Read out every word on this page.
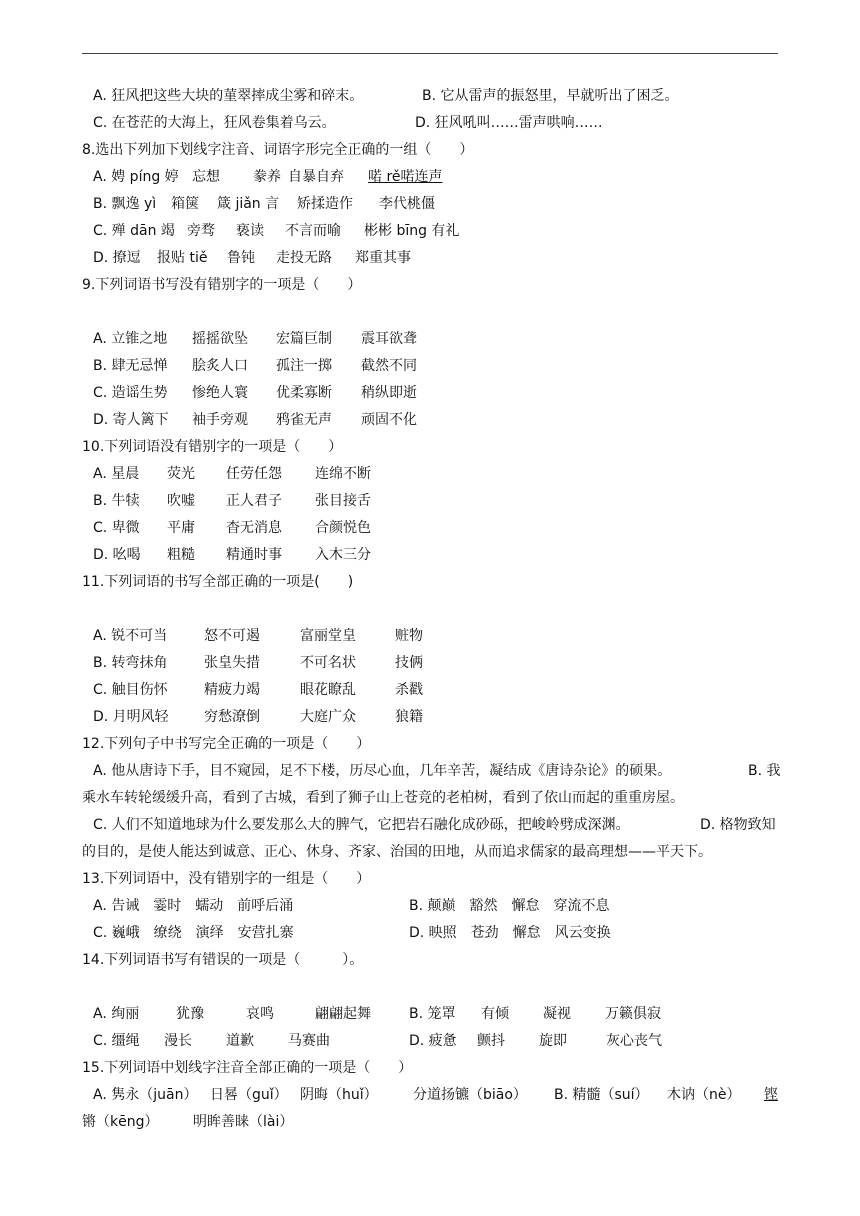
A. 狂风把这些大块的菫翠摔成尘雾和碎末。	B. 它从雷声的振怒里，早就听出了困乏。
C. 在苍茫的大海上，狂风卷集着乌云。	D. 狂风吼叫……雷声哄响……
8.选出下列加下划线字注音、词语字形完全正确的一组（　　）
A. 娉 píng 婷 忘想 豢养 自暴自弃 喏 rě喏连声
B. 飘逸 yì 箱箧 箴 jiǎn 言 矫揉造作 李代桃僵
C. 殚 dān 竭 旁骛 亵读 不言而喻 彬彬 bīng 有礼
D. 撩逗 报贴 tiě 鲁钝 走投无路 郑重其事
9.下列词语书写没有错别字的一项是（　　）
A. 立锥之地 摇摇欲坠 宏篇巨制 震耳欲聋
B. 肆无忌惮 脍炙人口 孤注一掷 截然不同
C. 造谣生势 惨绝人寰 优柔寡断 稍纵即逝
D. 寄人篱下 袖手旁观 鸦雀无声 顽固不化
10.下列词语没有错别字的一项是（　　）
A. 星晨 荧光 任劳任怨 连绵不断
B. 牛犊 吹嘘 正人君子 张目接舌
C. 卑微 平庸 杳无消息 合颜悦色
D. 吆喝 粗糙 精通时事 入木三分
11.下列词语的书写全部正确的一项是(　　)
A. 锐不可当	怒不可遏	富丽堂皇	赃物
B. 转弯抹角	张皇失措	不可名状	技俩
C. 触目伤怀	精疲力竭	眼花瞭乱	杀戳
D. 月明风轻	穷愁潦倒	大庭广众	狼籍
12.下列句子中书写完全正确的一项是（　　）
A. 他从唐诗下手，目不窥园，足不下楼，历尽心血，几年辛苦，凝结成《唐诗杂论》的硕果。	B. 我
乘水车转轮缓缓升高，看到了古城，看到了狮子山上苍竞的老柏树，看到了依山而起的重重房屋。
C. 人们不知道地球为什么要发那么大的脾气，它把岩石融化成砂砾，把峻岭劈成深渊。	D. 格物致知
的目的，是使人能达到诚意、正心、休身、齐家、治国的田地，从而追求儒家的最高理想——平天下。
13.下列词语中，没有错别字的一组是（　　）
A. 告诫　霎时　蠕动　前呼后涌	B. 颠巅　豁然　懈怠　穿流不息
C. 巍峨　缭绕　演绎　安营扎寨	D. 映照　苍劲　懈怠　风云变换
14.下列词语书写有错误的一项是（　　　）。
A. 绚丽	犹豫	哀鸣	翩翩起舞	B. 笼罩 有倾 凝视 万籁俱寂
C. 缰绳 漫长 道歉 马赛曲	D. 疲惫 颤抖 旋即	灰心丧气
15.下列词语中划线字注音全部正确的一项是（　　）
A. 隽永（juān） 日晷（guǐ） 阴晦（huǐ）	分道扬镳（biāo） B. 精髓（suí） 木讷（nè） 铿
锵（kēng） 明眸善睐（lài）
